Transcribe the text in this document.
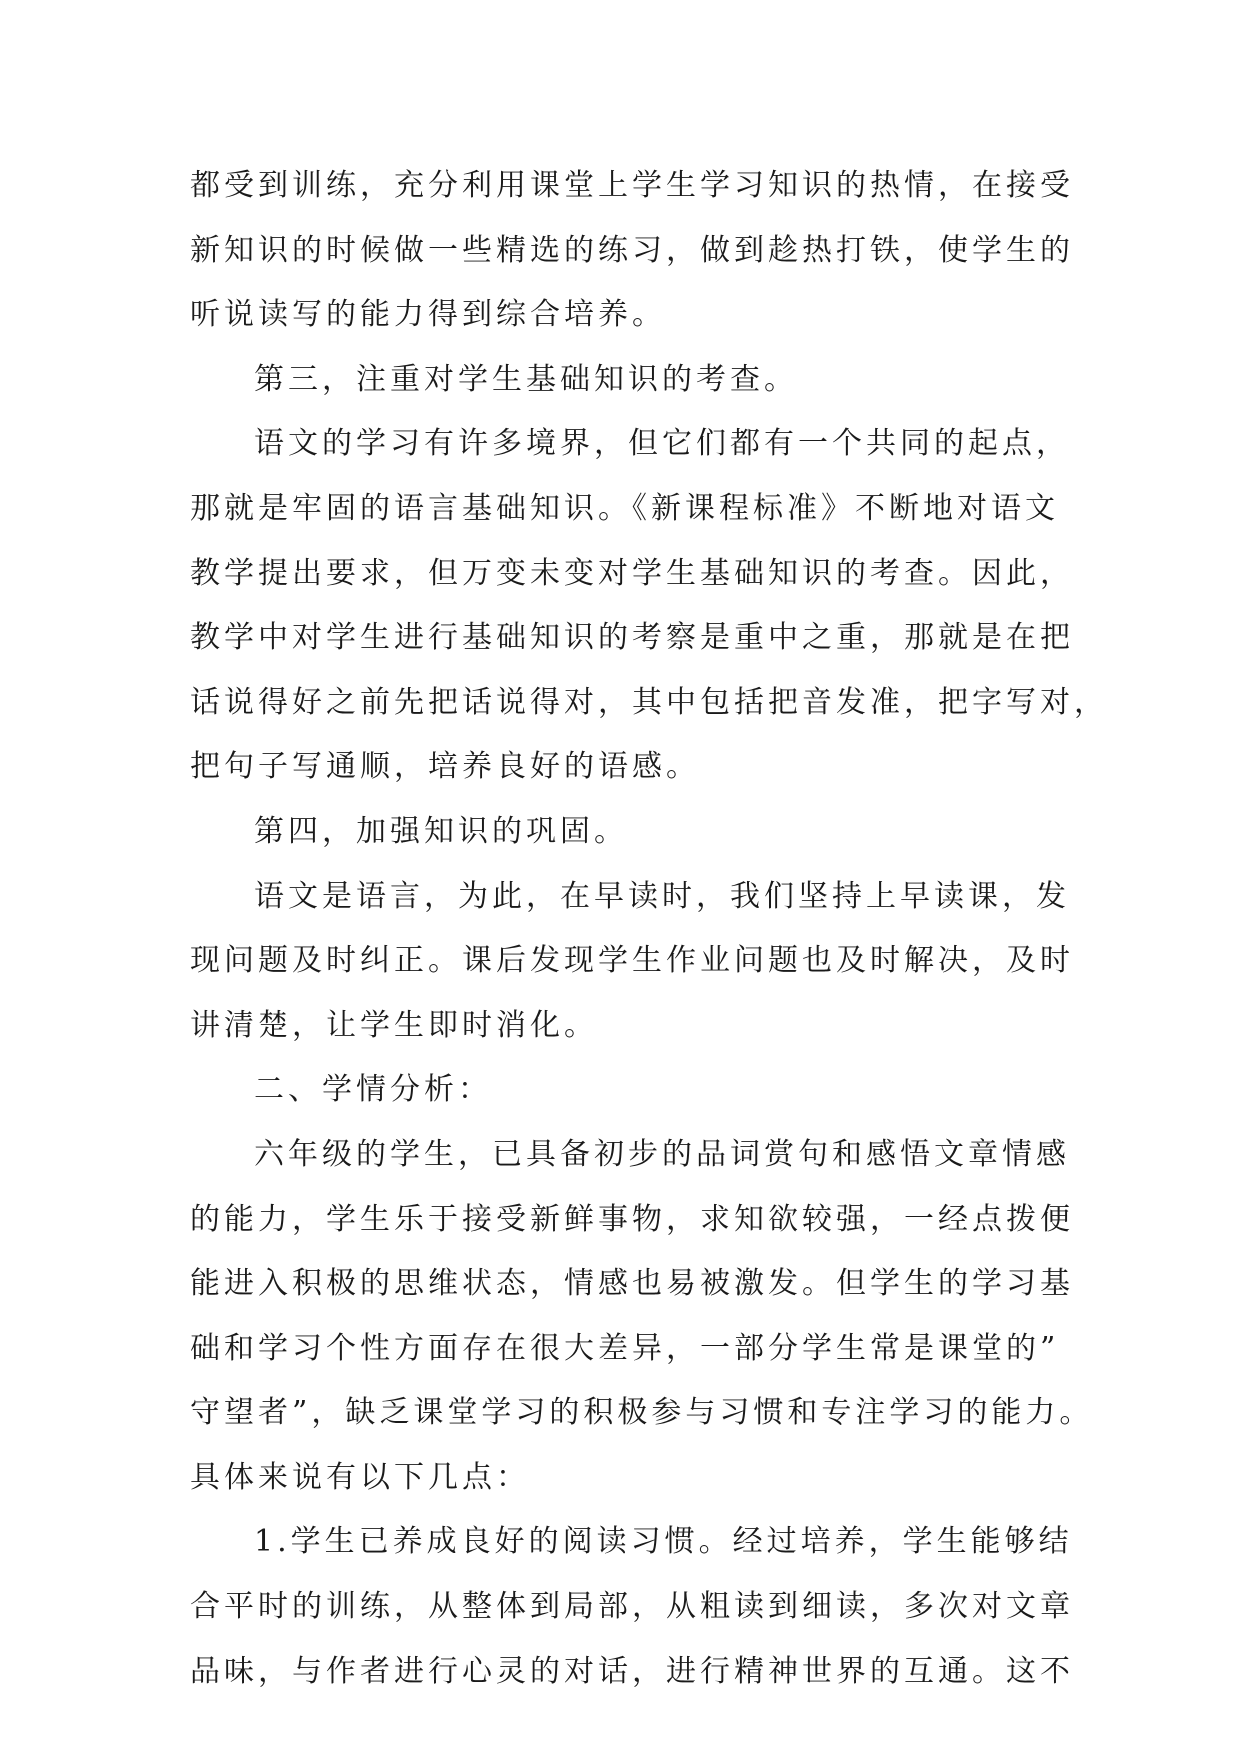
都受到训练，充分利用课堂上学生学习知识的热情，在接受
新知识的时候做一些精选的练习，做到趁热打铁，使学生的
听说读写的能力得到综合培养。
第三，注重对学生基础知识的考查。
语文的学习有许多境界，但它们都有一个共同的起点，
那就是牢固的语言基础知识。《新课程标准》不断地对语文
教学提出要求，但万变未变对学生基础知识的考查。因此，
教学中对学生进行基础知识的考察是重中之重，那就是在把
话说得好之前先把话说得对，其中包括把音发准，把字写对，
把句子写通顺，培养良好的语感。
第四，加强知识的巩固。
语文是语言，为此，在早读时，我们坚持上早读课，发
现问题及时纠正。课后发现学生作业问题也及时解决，及时
讲清楚，让学生即时消化。
二、学情分析：
六年级的学生，已具备初步的品词赏句和感悟文章情感
的能力，学生乐于接受新鲜事物，求知欲较强，一经点拨便
能进入积极的思维状态，情感也易被激发。但学生的学习基
础和学习个性方面存在很大差异，一部分学生常是课堂的”
守望者”，缺乏课堂学习的积极参与习惯和专注学习的能力。
具体来说有以下几点：
1.学生已养成良好的阅读习惯。经过培养，学生能够结
合平时的训练，从整体到局部，从粗读到细读，多次对文章
品味，与作者进行心灵的对话，进行精神世界的互通。这不
